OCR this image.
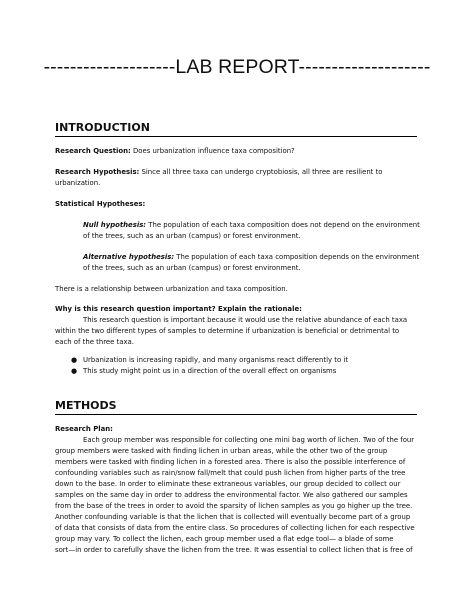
--------------------LAB REPORT--------------------
INTRODUCTION
Research Question: Does urbanization influence taxa composition?
Research Hypothesis: Since all three taxa can undergo cryptobiosis, all three are resilient to
urbanization.
Statistical Hypotheses:
Null hypothesis: The population of each taxa composition does not depend on the environment
of the trees, such as an urban (campus) or forest environment.
Alternative hypothesis: The population of each taxa composition depends on the environment
of the trees, such as an urban (campus) or forest environment.
There is a relationship between urbanization and taxa composition.
Why is this research question important? Explain the rationale:
This research question is important because it would use the relative abundance of each taxa
within the two different types of samples to determine if urbanization is beneficial or detrimental to
each of the three taxa.
● Urbanization is increasing rapidly, and many organisms react differently to it
● This study might point us in a direction of the overall effect on organisms
METHODS
Research Plan:
Each group member was responsible for collecting one mini bag worth of lichen. Two of the four
group members were tasked with finding lichen in urban areas, while the other two of the group
members were tasked with finding lichen in a forested area. There is also the possible interference of
confounding variables such as rain/snow fall/melt that could push lichen from higher parts of the tree
down to the base. In order to eliminate these extraneous variables, our group decided to collect our
samples on the same day in order to address the environmental factor. We also gathered our samples
from the base of the trees in order to avoid the sparsity of lichen samples as you go higher up the tree.
Another confounding variable is that the lichen that is collected will eventually become part of a group
of data that consists of data from the entire class. So procedures of collecting lichen for each respective
group may vary. To collect the lichen, each group member used a flat edge tool— a blade of some
sort—in order to carefully shave the lichen from the tree. It was essential to collect lichen that is free of
